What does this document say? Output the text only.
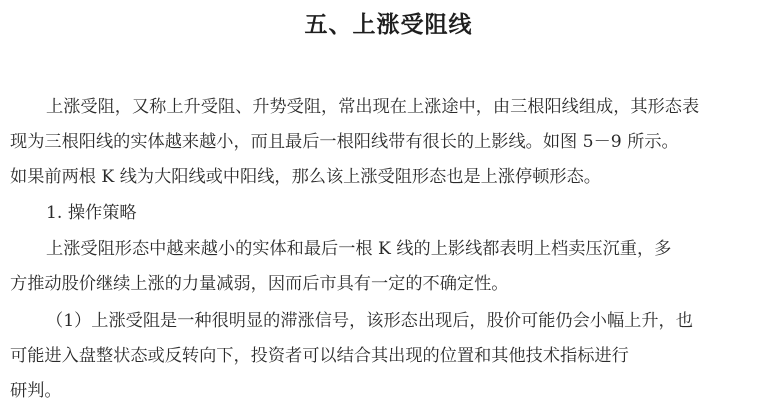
五、上涨受阻线
上涨受阻，又称上升受阻、升势受阻，常出现在上涨途中，由三根阳线组成，其形态表
现为三根阳线的实体越来越小，而且最后一根阳线带有很长的上影线。如图 5－9 所示。
如果前两根 K 线为大阳线或中阳线，那么该上涨受阻形态也是上涨停顿形态。
1. 操作策略
上涨受阻形态中越来越小的实体和最后一根 K 线的上影线都表明上档卖压沉重，多
方推动股价继续上涨的力量减弱，因而后市具有一定的不确定性。
（1）上涨受阻是一种很明显的滞涨信号，该形态出现后，股价可能仍会小幅上升，也
可能进入盘整状态或反转向下，投资者可以结合其出现的位置和其他技术指标进行
研判。
